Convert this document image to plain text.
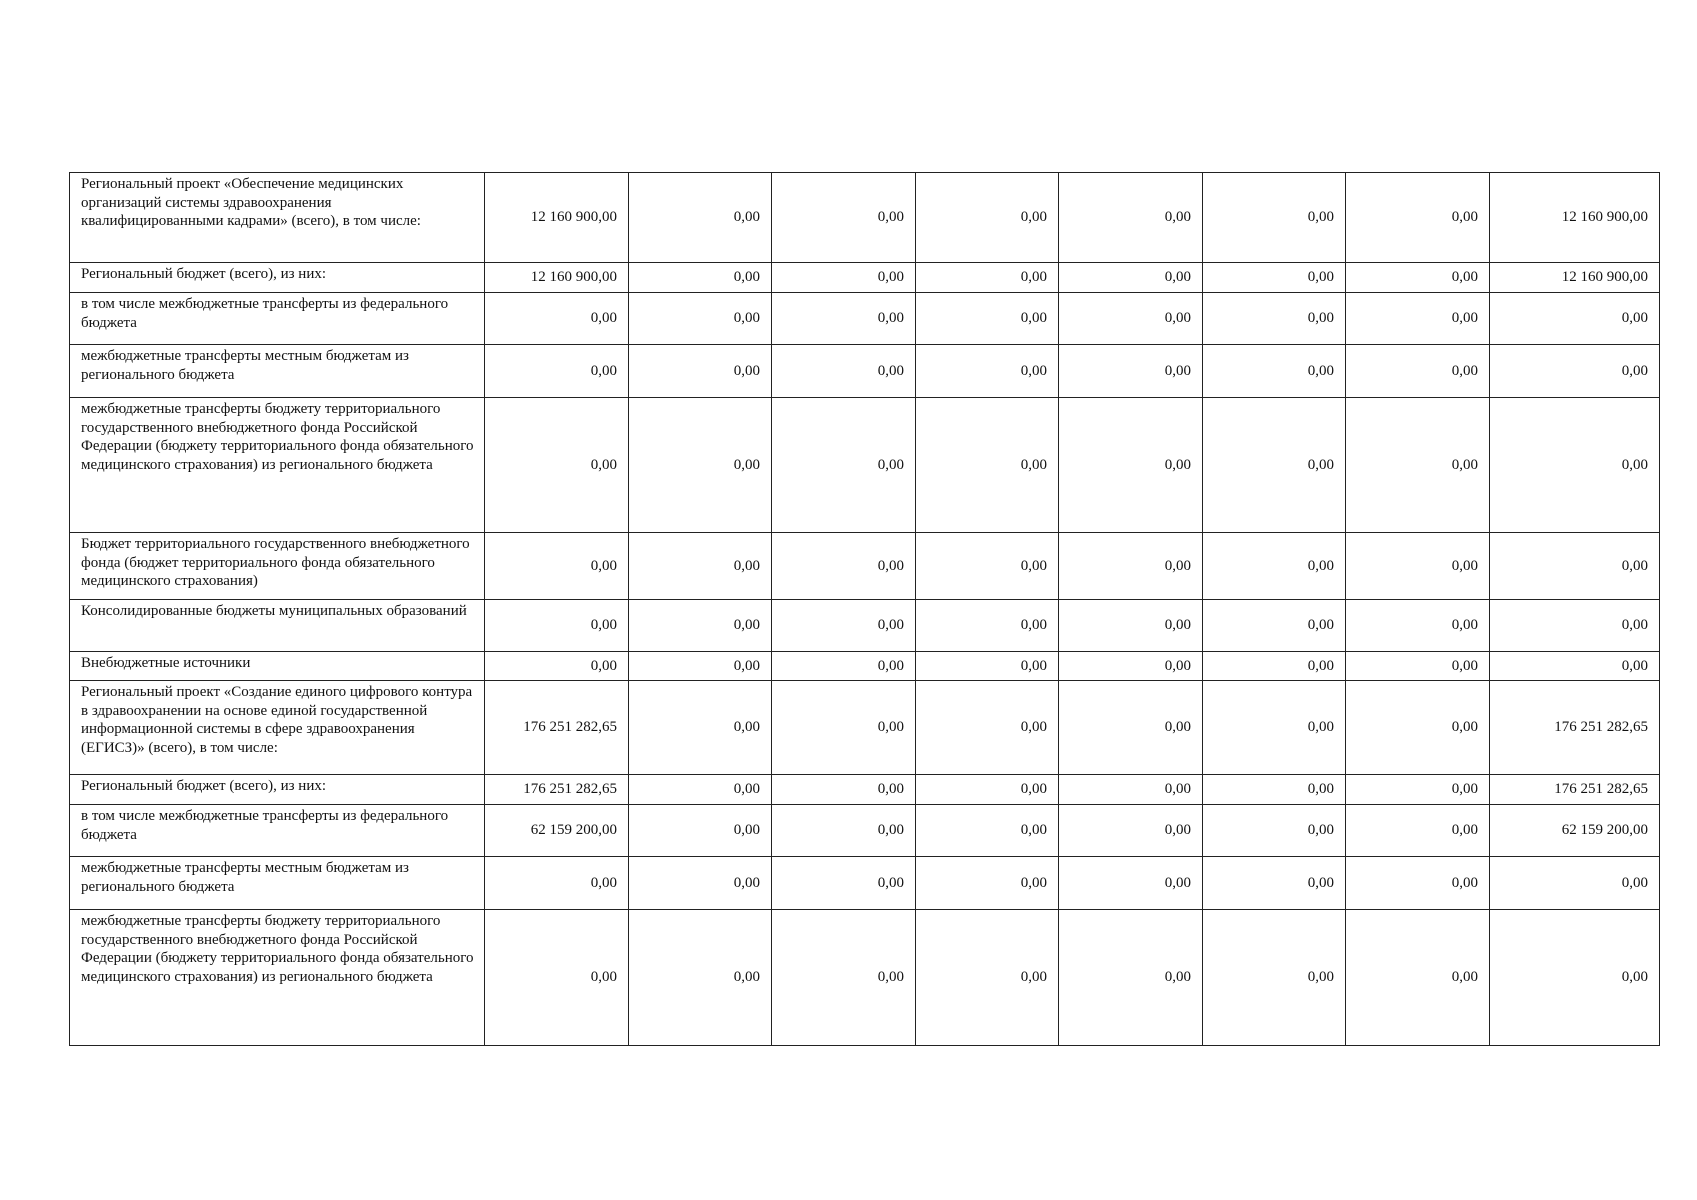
Региональный проект «Обеспечение медицинских организаций системы здравоохранения квалифицированными кадрами» (всего), в том числе:	12 160 900,00	0,00	0,00	0,00	0,00	0,00	0,00	12 160 900,00
Региональный бюджет (всего), из них:	12 160 900,00	0,00	0,00	0,00	0,00	0,00	0,00	12 160 900,00
в том числе межбюджетные трансферты из федерального бюджета	0,00	0,00	0,00	0,00	0,00	0,00	0,00	0,00
межбюджетные трансферты местным бюджетам из регионального бюджета	0,00	0,00	0,00	0,00	0,00	0,00	0,00	0,00
межбюджетные трансферты бюджету территориального государственного внебюджетного фонда Российской Федерации (бюджету территориального фонда обязательного медицинского страхования) из регионального бюджета	0,00	0,00	0,00	0,00	0,00	0,00	0,00	0,00
Бюджет территориального государственного внебюджетного фонда (бюджет территориального фонда обязательного медицинского страхования)	0,00	0,00	0,00	0,00	0,00	0,00	0,00	0,00
Консолидированные бюджеты муниципальных образований	0,00	0,00	0,00	0,00	0,00	0,00	0,00	0,00
Внебюджетные источники	0,00	0,00	0,00	0,00	0,00	0,00	0,00	0,00
Региональный проект «Создание единого цифрового контура в здравоохранении на основе единой государственной информационной системы в сфере здравоохранения (ЕГИСЗ)» (всего), в том числе:	176 251 282,65	0,00	0,00	0,00	0,00	0,00	0,00	176 251 282,65
Региональный бюджет (всего), из них:	176 251 282,65	0,00	0,00	0,00	0,00	0,00	0,00	176 251 282,65
в том числе межбюджетные трансферты из федерального бюджета	62 159 200,00	0,00	0,00	0,00	0,00	0,00	0,00	62 159 200,00
межбюджетные трансферты местным бюджетам из регионального бюджета	0,00	0,00	0,00	0,00	0,00	0,00	0,00	0,00
межбюджетные трансферты бюджету территориального государственного внебюджетного фонда Российской Федерации (бюджету территориального фонда обязательного медицинского страхования) из регионального бюджета	0,00	0,00	0,00	0,00	0,00	0,00	0,00	0,00
